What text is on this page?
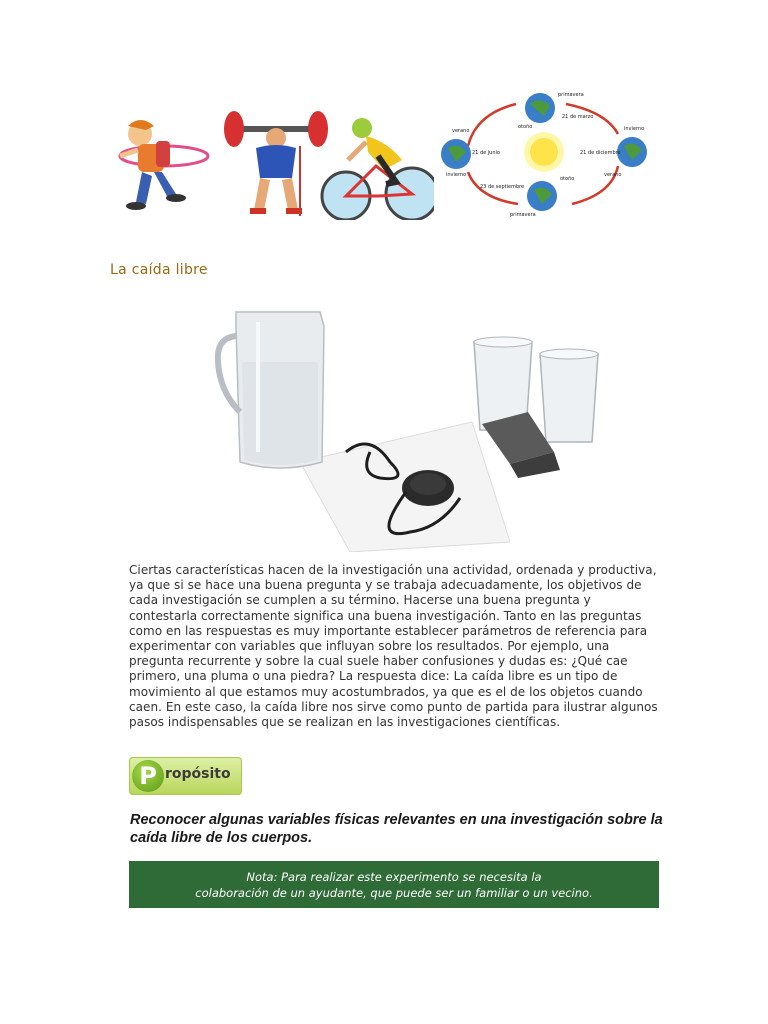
primavera
21 de marzo
otoño
verano
21 de junio
invierno
invierno
21 de diciembre
verano
23 de septiembre
otoño
primavera
La caída libre
Ciertas características hacen de la investigación una actividad, ordenada y productiva, ya que si se hace una buena pregunta y se trabaja adecuadamente, los objetivos de cada investigación se cumplen a su término. Hacerse una buena pregunta y contestarla correctamente significa una buena investigación. Tanto en las preguntas como en las respuestas es muy importante establecer parámetros de referencia para experimentar con variables que influyan sobre los resultados. Por ejemplo, una pregunta recurrente y sobre la cual suele haber confusiones y dudas es: ¿Qué cae primero, una pluma o una piedra? La respuesta dice: La caída libre es un tipo de movimiento al que estamos muy acostumbrados, ya que es el de los objetos cuando caen. En este caso, la caída libre nos sirve como punto de partida para ilustrar algunos pasos indispensables que se realizan en las investigaciones científicas.
P ropósito
Reconocer algunas variables físicas relevantes en una investigación sobre la caída libre de los cuerpos.
Nota: Para realizar este experimento se necesita la
colaboración de un ayudante, que puede ser un familiar o un vecino.
